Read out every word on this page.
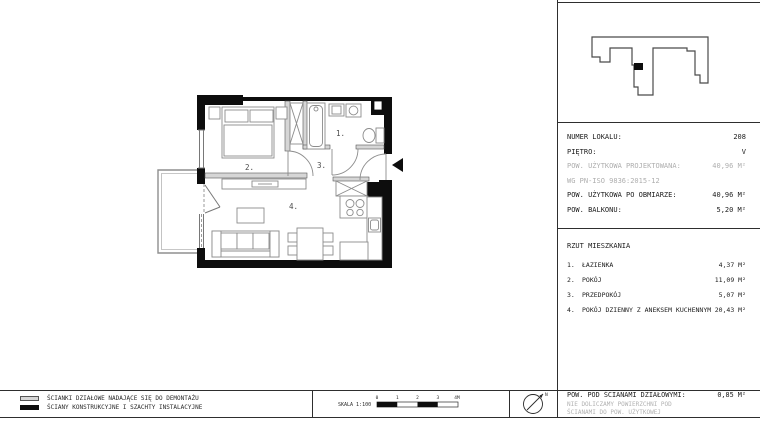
1.
2.	3.
4.
SKALA 1:100
0	1	2	3	4M
N
NUMER LOKALU:	208
PIĘTRO:	V
POW. UŻYTKOWA PROJEKTOWANA:	40,96 M²
WG PN-ISO 9836:2015-12
POW. UŻYTKOWA PO OBMIARZE:	40,96 M²
POW. BALKONU:	5,20 M²
RZUT MIESZKANIA
1.	ŁAZIENKA	4,37 M²
2.	POKÓJ	11,09 M²
3.	PRZEDPOKÓJ	5,07 M²
4.	POKÓJ DZIENNY Z ANEKSEM KUCHENNYM 20,43 M²
POW. POD ŚCIANAMI DZIAŁOWYMI:	0,85 M²
NIE DOLICZAMY POWIERZCHNI POD
ŚCIANAMI DO POW. UŻYTKOWEJ
ŚCIANKI DZIAŁOWE NADAJĄCE SIĘ DO DEMONTAŻU
ŚCIANY KONSTRUKCYJNE I SZACHTY INSTALACYJNE
